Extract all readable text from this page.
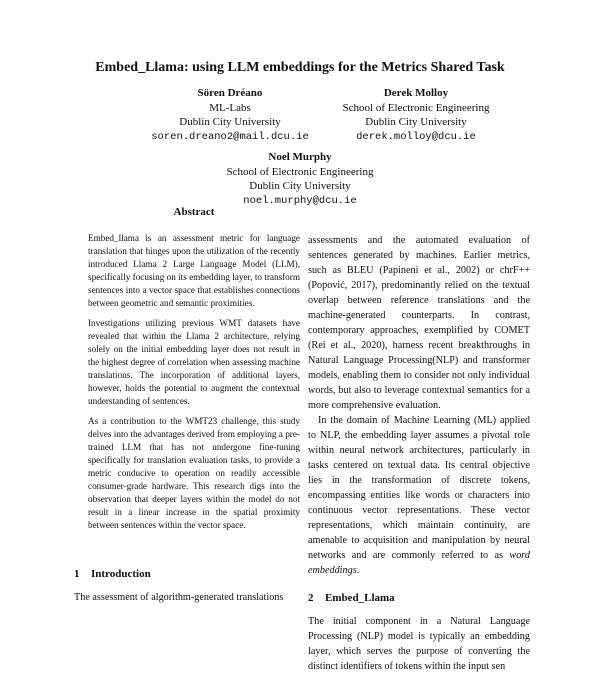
Embed_Llama: using LLM embeddings for the Metrics Shared Task
Sören Dréano
ML-Labs
Dublin City University
soren.dreano2@mail.dcu.ie
Derek Molloy
School of Electronic Engineering
Dublin City University
derek.molloy@dcu.ie
Noel Murphy
School of Electronic Engineering
Dublin City University
noel.murphy@dcu.ie
Abstract

Embed_llama is an assessment metric for language translation that hinges upon the utilization of the recently introduced Llama 2 Large Language Model (LLM), specifically focusing on its embedding layer, to transform sentences into a vector space that establishes connections between geometric and semantic proximities.

Investigations utilizing previous WMT datasets have revealed that within the Llama 2 architecture, relying solely on the initial embedding layer does not result in the highest degree of correlation when assessing machine translations. The incorporation of additional layers, however, holds the potential to augment the contextual understanding of sentences.

As a contribution to the WMT23 challenge, this study delves into the advantages derived from employing a pre-trained LLM that has not undergone fine-tuning specifically for translation evaluation tasks, to provide a metric conducive to operation on readily accessible consumer-grade hardware. This research digs into the observation that deeper layers within the model do not result in a linear increase in the spatial proximity between sentences within the vector space.

1 Introduction
The assessment of algorithm-generated translations

assessments and the automated evaluation of sentences generated by machines. Earlier metrics, such as BLEU (Papineni et al., 2002) or chrF++ (Popović, 2017), predominantly relied on the textual overlap between reference translations and the machine-generated counterparts. In contrast, contemporary approaches, exemplified by COMET (Rei et al., 2020), harness recent breakthroughs in Natural Language Processing(NLP) and transformer models, enabling them to consider not only individual words, but also to leverage contextual semantics for a more comprehensive evaluation.

In the domain of Machine Learning (ML) applied to NLP, the embedding layer assumes a pivotal role within neural network architectures, particularly in tasks centered on textual data. Its central objective lies in the transformation of discrete tokens, encompassing entities like words or characters into continuous vector representations. These vector representations, which maintain continuity, are amenable to acquisition and manipulation by neural networks and are commonly referred to as word embeddings.

2 Embed_Llama

The initial component in a Natural Language Processing (NLP) model is typically an embedding layer, which serves the purpose of converting the distinct identifiers of tokens within the input sen
